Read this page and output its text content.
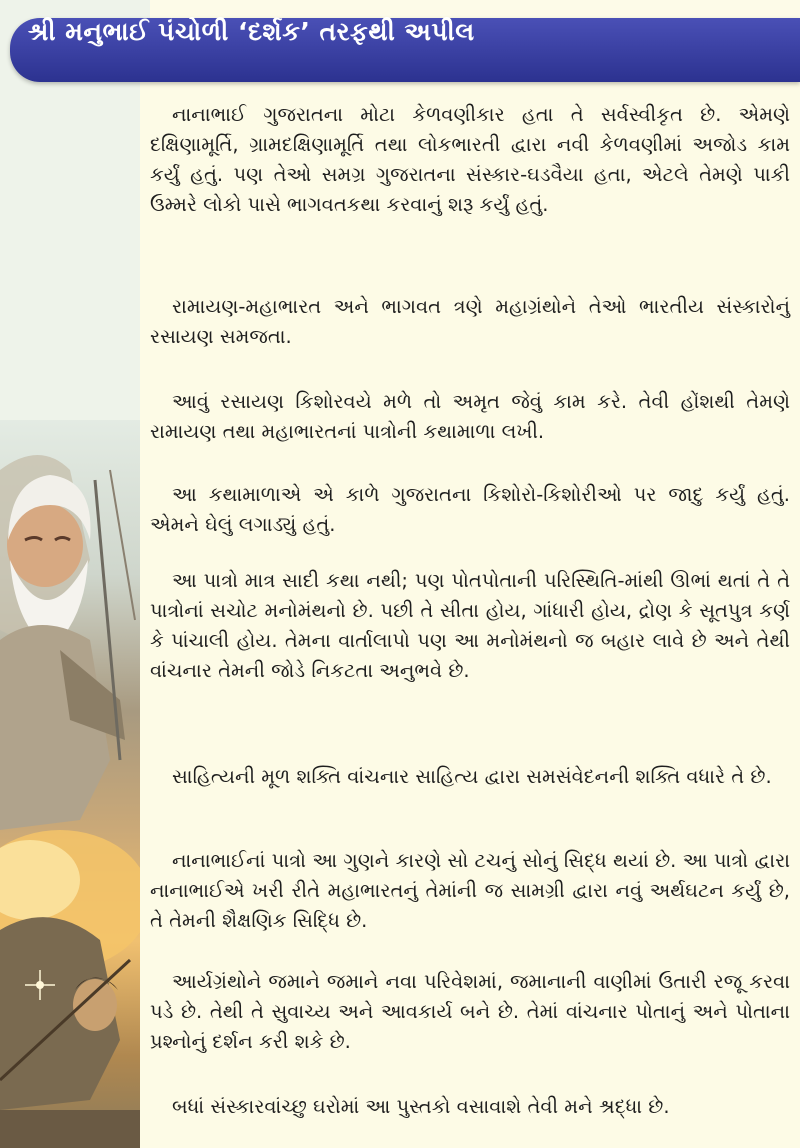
શ્રી મનુભાઈ પંચોળી ‘દર્શક’ તરફથી અપીલ

નાનાભાઈ ગુજરાતના મોટા કેળવણીકાર હતા તે સર્વસ્વીકૃત છે. એમણે દક્ષિણામૂર્તિ, ગ્રામદક્ષિણામૂર્તિ તથા લોકભારતી દ્વારા નવી કેળવણીમાં અજોડ કામ કર્યું હતું. પણ તેઓ સમગ્ર ગુજરાતના સંસ્કાર-ઘડવૈયા હતા, એટલે તેમણે પાકી ઉમ્મરે લોકો પાસે ભાગવતકથા કરવાનું શરૂ કર્યું હતું.

રામાયણ-મહાભારત અને ભાગવત ત્રણે મહાગ્રંથોને તેઓ ભારતીય સંસ્કારોનું રસાયણ સમજતા.

આવું રસાયણ કિશોરવયે મળે તો અમૃત જેવું કામ કરે. તેવી હોંશથી તેમણે રામાયણ તથા મહાભારતનાં પાત્રોની કથામાળા લખી.

આ કથામાળાએ એ કાળે ગુજરાતના કિશોરો-કિશોરીઓ પર જાદુ કર્યું હતું. એમને ઘેલું લગાડ્યું હતું.

આ પાત્રો માત્ર સાદી કથા નથી; પણ પોતપોતાની પરિસ્થિતિ-માંથી ઊભાં થતાં તે તે પાત્રોનાં સચોટ મનોમંથનો છે. પછી તે સીતા હોય, ગાંધારી હોય, દ્રોણ કે સૂતપુત્ર કર્ણ કે પાંચાલી હોય. તેમના વાર્તાલાપો પણ આ મનોમંથનો જ બહાર લાવે છે અને તેથી વાંચનાર તેમની જોડે નિકટતા અનુભવે છે.

સાહિત્યની મૂળ શક્તિ વાંચનાર સાહિત્ય દ્વારા સમસંવેદનની શક્તિ વધારે તે છે.

નાનાભાઈનાં પાત્રો આ ગુણને કારણે સો ટચનું સોનું સિદ્ધ થયાં છે. આ પાત્રો દ્વારા નાનાભાઈએ ખરી રીતે મહાભારતનું તેમાંની જ સામગ્રી દ્વારા નવું અર્થઘટન કર્યું છે, તે તેમની શૈક્ષણિક સિદ્ધિ છે.

આર્યગ્રંથોને જમાને જમાને નવા પરિવેશમાં, જમાનાની વાણીમાં ઉતારી રજૂ કરવા પડે છે. તેથી તે સુવાચ્ય અને આવકાર્ય બને છે. તેમાં વાંચનાર પોતાનું અને પોતાના પ્રશ્નોનું દર્શન કરી શકે છે.

બધાં સંસ્કારવાંચ્છુ ઘરોમાં આ પુસ્તકો વસાવાશે તેવી મને શ્રદ્ધા છે.
